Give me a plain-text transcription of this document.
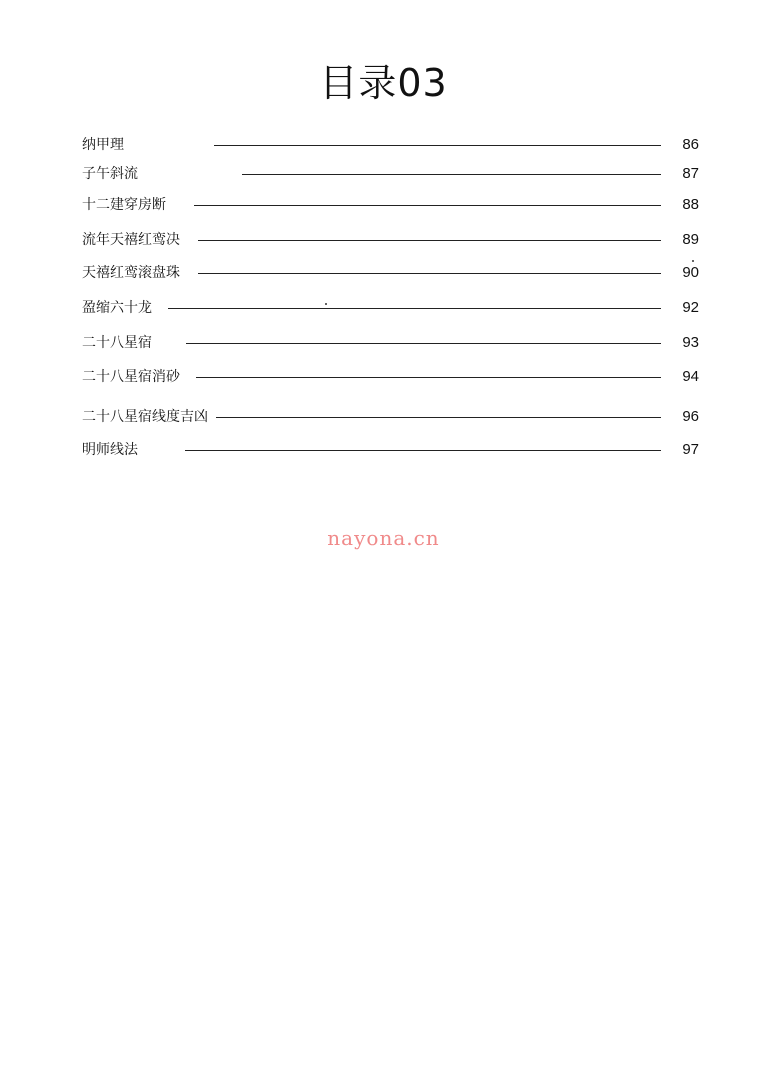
目录03
纳甲理	86
子午斜流	87
十二建穿房断	88
流年天禧红鸾决	89
天禧红鸾滚盘珠	90
盈缩六十龙	92
二十八星宿	93
二十八星宿消砂	94
二十八星宿线度吉凶	96
明师线法	97
nayona.cn
